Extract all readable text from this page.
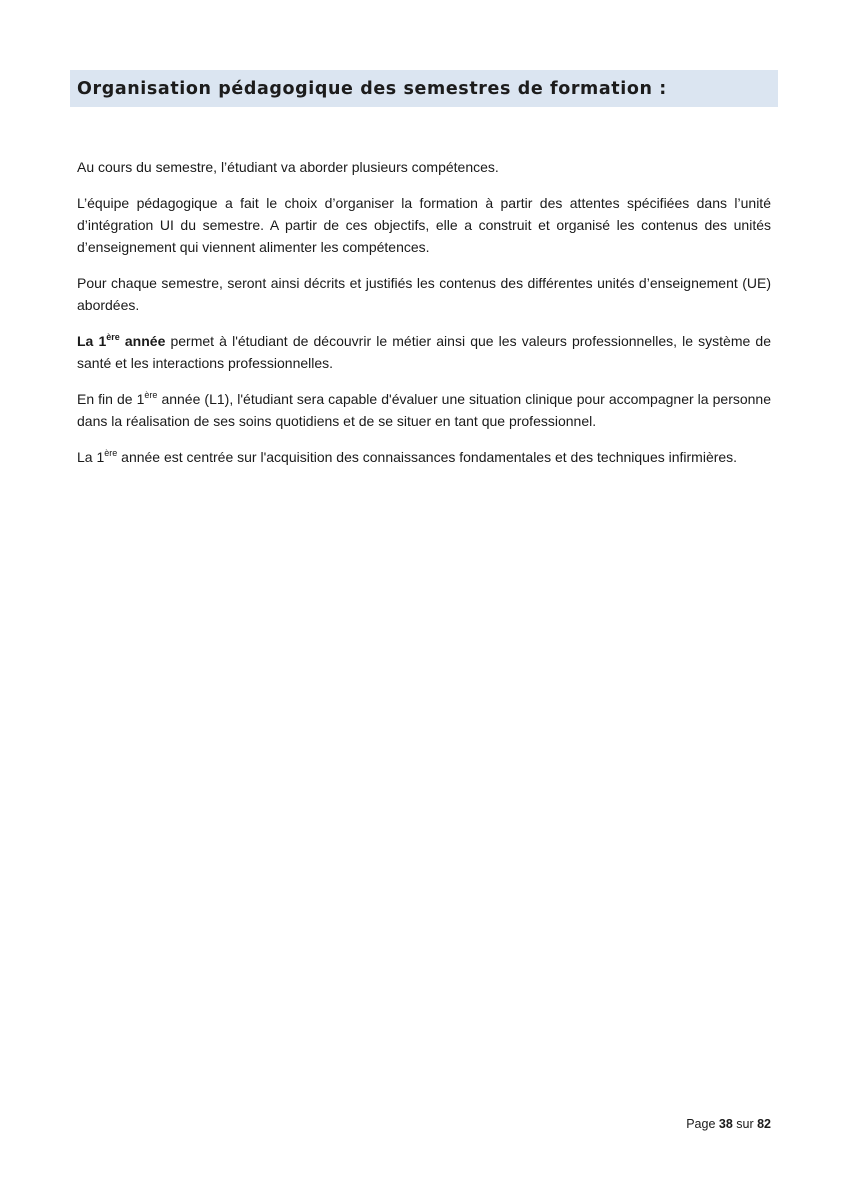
Organisation pédagogique des semestres de formation :

Au cours du semestre, l’étudiant va aborder plusieurs compétences.

L’équipe pédagogique a fait le choix d’organiser la formation à partir des attentes spécifiées dans l’unité d’intégration UI du semestre. A partir de ces objectifs, elle a construit et organisé les contenus des unités d’enseignement qui viennent alimenter les compétences.

Pour chaque semestre, seront ainsi décrits et justifiés les contenus des différentes unités d’enseignement (UE) abordées.

La 1ère année permet à l'étudiant de découvrir le métier ainsi que les valeurs professionnelles, le système de santé et les interactions professionnelles.

En fin de 1ère année (L1), l'étudiant sera capable d'évaluer une situation clinique pour accompagner la personne dans la réalisation de ses soins quotidiens et de se situer en tant que professionnel.

La 1ère année est centrée sur l'acquisition des connaissances fondamentales et des techniques infirmières.

Page 38 sur 82
